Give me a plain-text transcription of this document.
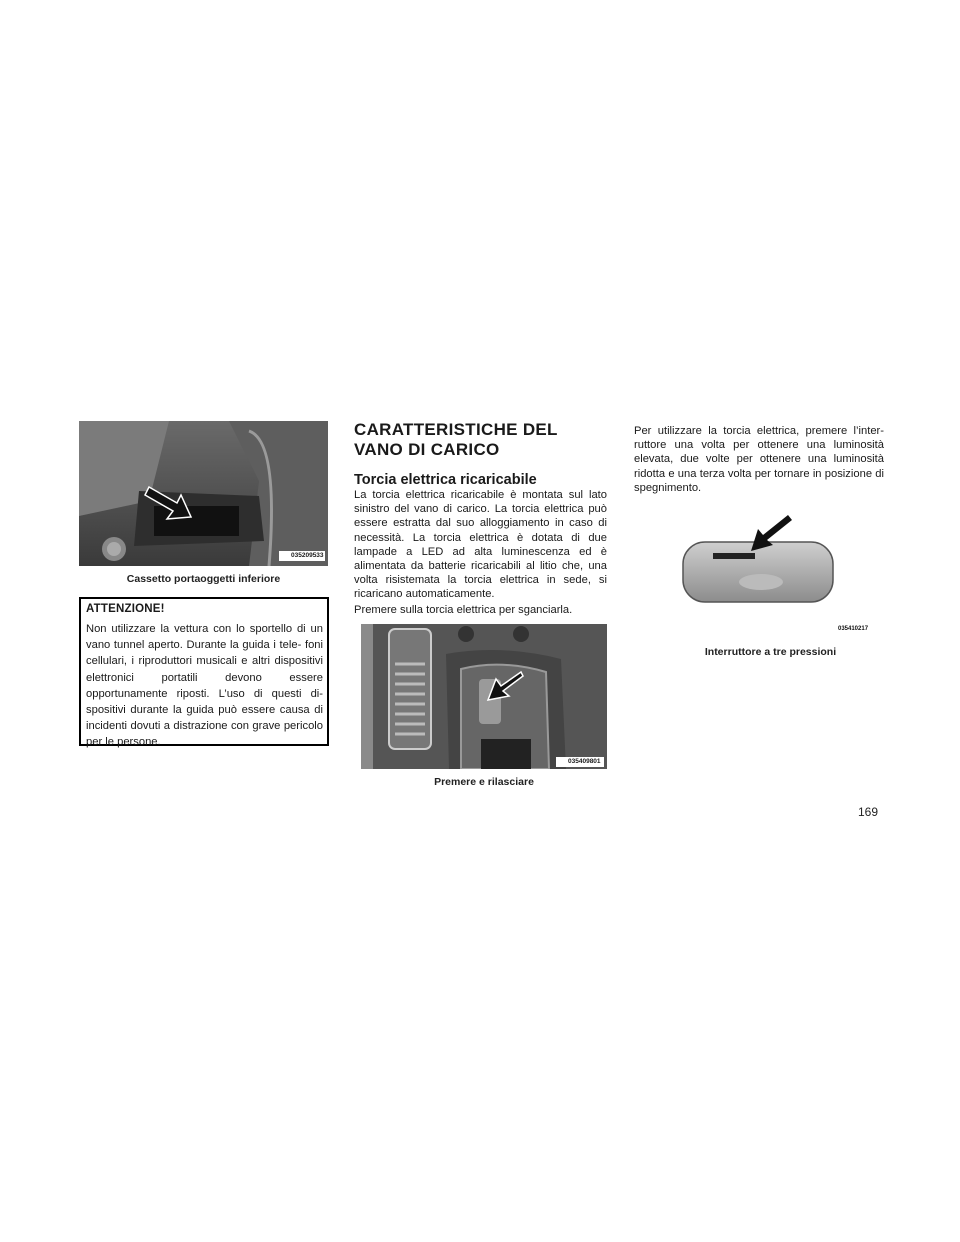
035209533
Cassetto portaoggetti inferiore
ATTENZIONE!

Non utilizzare la vettura con lo sportello di un vano tunnel aperto. Durante la guida i tele- foni cellulari, i riproduttori musicali e altri dispositivi elettronici portatili devono essere opportunamente riposti. L’uso di questi di- spositivi durante la guida può essere causa di incidenti dovuti a distrazione con grave pericolo per le persone.

CARATTERISTICHE DEL VANO DI CARICO
Torcia elettrica ricaricabile

La torcia elettrica ricaricabile è montata sul lato sinistro del vano di carico. La torcia elettrica può essere estratta dal suo alloggiamento in caso di necessità. La torcia elettrica è dotata di due lampade a LED ad alta luminescenza ed è alimentata da batterie ricaricabili al litio che, una volta risistemata la torcia elettrica in sede, si ricaricano automaticamente.

Premere sulla torcia elettrica per sganciarla.

035409801
Premere e rilasciare

Per utilizzare la torcia elettrica, premere l’inter- ruttore una volta per ottenere una luminosità elevata, due volte per ottenere una luminosità ridotta e una terza volta per tornare in posizione di spegnimento.

035410217
Interruttore a tre pressioni
169
